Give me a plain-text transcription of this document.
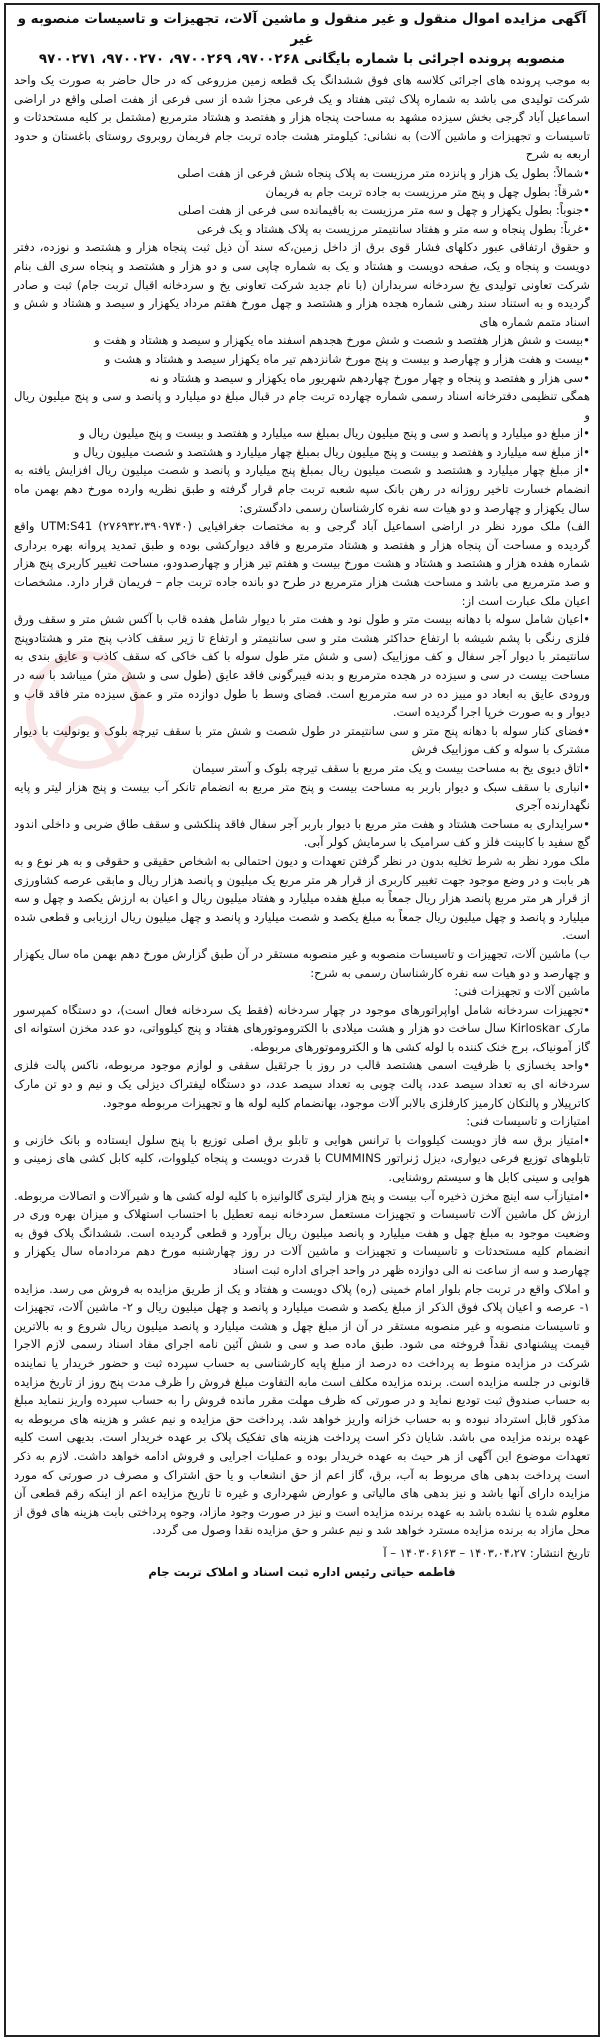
آگهی مزایده اموال منقول و غیر منقول و ماشین آلات، تجهیزات و تاسیسات منصوبه و غیر
منصوبه پرونده اجرائی با شماره بایگانی ۹۷۰۰۲۶۸، ۹۷۰۰۲۶۹، ۹۷۰۰۲۷۰، ۹۷۰۰۲۷۱

به موجب پرونده های اجرائی کلاسه های فوق ششدانگ یک قطعه زمین مزروعی که در حال حاضر به صورت یک واحد شرکت تولیدی می باشد به شماره پلاک ثبتی هفتاد و یک فرعی مجزا شده از سی فرعی از هفت اصلی واقع در اراضی اسماعیل آباد گرجی بخش سیزده مشهد به مساحت پنجاه هزار و هفتصد و هشتاد مترمربع (مشتمل بر کلیه مستحدثات و تاسیسات و تجهیزات و ماشین آلات) به نشانی: کیلومتر هشت جاده تربت جام فریمان روبروی روستای باغستان و حدود اربعه به شرح

•شمالاً: بطول یک هزار و پانزده متر مرزیست به پلاک پنجاه شش فرعی از هفت اصلی

•شرقاً: بطول چهل و پنج متر مرزیست به جاده تربت جام به فریمان

•جنوباً: بطول یکهزار و چهل و سه متر مرزیست به باقیمانده سی فرعی از هفت اصلی

•غرباً: بطول پنجاه و سه متر و هفتاد سانتیمتر مرزیست به پلاک هشتاد و یک فرعی

و حقوق ارتفاقی عبور دکلهای فشار قوی برق از داخل زمین،که سند آن ذیل ثبت پنجاه هزار و هشتصد و نوزده، دفتر دویست و پنجاه و یک، صفحه دویست و هشتاد و یک به شماره چاپی سی و دو هزار و هشتصد و پنجاه سری الف بنام شرکت تعاونی تولیدی یخ سردخانه سربداران (با نام جدید شرکت تعاونی یخ و سردخانه اقبال تربت جام) ثبت و صادر گردیده و به استناد سند رهنی شماره هجده هزار و هشتصد و چهل مورخ هفتم مرداد یکهزار و سیصد و هشتاد و شش و اسناد متمم شماره های

•بیست و شش هزار هفتصد و شصت و شش مورخ هجدهم اسفند ماه یکهزار و سیصد و هشتاد و هفت و

•بیست و هفت هزار و چهارصد و بیست و پنج مورخ شانزدهم تیر ماه یکهزار سیصد و هشتاد و هشت و

•سی هزار و هفتصد و پنجاه و چهار مورخ چهاردهم شهریور ماه یکهزار و سیصد و هشتاد و نه

همگی تنظیمی دفترخانه اسناد رسمی شماره چهارده تربت جام در قبال مبلغ دو میلیارد و پانصد و سی و پنج میلیون ریال و

•از مبلغ دو میلیارد و پانصد و سی و پنج میلیون ریال بمبلغ سه میلیارد و هفتصد و بیست و پنج میلیون ریال و

•از مبلغ سه میلیارد و هفتصد و بیست و پنج میلیون ریال بمبلغ چهار میلیارد و هشتصد و شصت میلیون ریال و

•از مبلغ چهار میلیارد و هشتصد و شصت میلیون ریال بمبلغ پنج میلیارد و پانصد و شصت میلیون ریال افزایش یافته به انضمام خسارت تاخیر روزانه در رهن بانک سپه شعبه تربت جام قرار گرفته و طبق نظریه وارده مورخ دهم بهمن ماه سال یکهزار و چهارصد و دو هیات سه نفره کارشناسان رسمی دادگستری:

الف) ملک مورد نظر در اراضی اسماعیل آباد گرجی و به مختصات جغرافیایی (۲۷۶۹۳۲،۳۹۰۹۷۴۰) UTM:S41 واقع گردیده و مساحت آن پنجاه هزار و هفتصد و هشتاد مترمربع و فاقد دیوارکشی بوده و طبق تمدید پروانه بهره برداری شماره هفده هزار و هشتصد و هشتاد و هشت مورخ بیست و هفتم تیر هزار و چهارصدودو، مساحت تغییر کاربری پنج هزار و صد مترمربع می باشد و مساحت هشت هزار مترمربع در طرح دو بانده جاده تربت جام – فریمان قرار دارد. مشخصات اعیان ملک عبارت است از:

•اعیان شامل سوله با دهانه بیست متر و طول نود و هفت متر با دیوار شامل هفده قاب با آکس شش متر و سقف ورق فلزی رنگی با پشم شیشه با ارتفاع حداکثر هشت متر و سی سانتیمتر و ارتفاع تا زیر سقف کاذب پنج متر و هشتادوپنج سانتیمتر با دیوار آجر سفال و کف موزاییک (سی و شش متر طول سوله با کف خاکی که سقف کاذب و عایق بندی به مساحت بیست در سی و سیزده در هجده مترمربع و بدنه فیبرگونی فاقد عایق (طول سی و شش متر) میباشد با سه در ورودی عایق به ابعاد دو مییز ده در سه مترمربع است. فضای وسط با طول دوازده متر و عمق سیزده متر فاقد قاب و دیوار و به صورت خرپا اجرا گردیده است.

•فضای کنار سوله با دهانه پنج متر و سی سانتیمتر در طول شصت و شش متر با سقف تیرچه بلوک و یونولیت با دیوار مشترک با سوله و کف موزاییک فرش

•اتاق دیوی یخ به مساحت بیست و یک متر مربع با سقف تیرچه بلوک و آستر سیمان

•انباری با سقف سبک و دیوار باربر به مساحت بیست و پنج متر مربع به انضمام تانکر آب بیست و پنج هزار لیتر و پایه نگهدارنده آجری

•سرایداری به مساحت هشتاد و هفت متر مربع با دیوار باربر آجر سفال فاقد پنلکشی و سقف طاق ضربی و داخلی اندود گچ سفید با کابینت فلز و کف سرامیک با سرمایش کولر آبی.

ملک مورد نظر به شرط تخلیه بدون در نظر گرفتن تعهدات و دیون احتمالی به اشخاص حقیقی و حقوقی و به هر نوع و به هر بابت و در وضع موجود جهت تغییر کاربری از قرار هر متر مربع یک میلیون و پانصد هزار ریال و مابقی عرصه کشاورزی از قرار هر متر مربع پانصد هزار ریال جمعاً به مبلغ هفده میلیارد و هفتاد میلیون ریال و اعیان به ارزش یکصد و چهل و سه میلیارد و پانصد و چهل میلیون ریال جمعاً به مبلغ یکصد و شصت میلیارد و پانصد و چهل میلیون ریال ارزیابی و قطعی شده است.

ب) ماشین آلات، تجهیزات و تاسیسات منصوبه و غیر منصوبه مستقر در آن طبق گزارش مورخ دهم بهمن ماه سال یکهزار و چهارصد و دو هیات سه نفره کارشناسان رسمی به شرح:

ماشین آلات و تجهیزات فنی:

•تجهیزات سردخانه شامل اواپراتورهای موجود در چهار سردخانه (فقط یک سردخانه فعال است)، دو دستگاه کمپرسور مارک Kirloskar سال ساخت دو هزار و هشت میلادی با الکتروموتورهای هفتاد و پنج کیلوواتی، دو عدد مخزن استوانه ای گاز آمونیاک، برج خنک کننده با لوله کشی ها و الکتروموتورهای مربوطه.

•واحد یخسازی با ظرفیت اسمی هشتصد قالب در روز با جرثقیل سقفی و لوازم موجود مربوطه، ناکس پالت فلزی سردخانه ای به تعداد سیصد عدد، پالت چوبی به تعداد سیصد عدد، دو دستگاه لیفتراک دیزلی یک و نیم و دو تن مارک کاترپیلار و پالتکان کارمیز کارفلزی بالابر آلات موجود، بهانضمام کلیه لوله ها و تجهیزات مربوطه موجود.

امتیازات و تاسیسات فنی:

•امتیاز برق سه فاز دویست کیلووات با ترانس هوایی و تابلو برق اصلی توزیع با پنج سلول ایستاده و بانک خازنی و تابلوهای توزیع فرعی دیواری، دیزل ژنراتور CUMMINS با قدرت دویست و پنجاه کیلووات، کلیه کابل کشی های زمینی و هوایی و سینی کابل ها و سیستم روشنایی.

•امتیازآب سه اینچ مخزن ذخیره آب بیست و پنج هزار لیتری گالوانیزه با کلیه لوله کشی ها و شیرآلات و اتصالات مربوطه. ارزش کل ماشین آلات تاسیسات و تجهیزات مستعمل سردخانه نیمه تعطیل با احتساب استهلاک و میزان بهره وری در وضعیت موجود به مبلغ چهل و هفت میلیارد و پانصد میلیون ریال برآورد و قطعی گردیده است. ششدانگ پلاک فوق به انضمام کلیه مستحدثات و تاسیسات و تجهیزات و ماشین آلات در روز چهارشنبه مورخ دهم مردادماه سال یکهزار و چهارصد و سه از ساعت نه الی دوازده ظهر در واحد اجرای اداره ثبت اسناد

و املاک واقع در تربت جام بلوار امام خمینی (ره) پلاک دویست و هفتاد و یک از طریق مزایده به فروش می رسد. مزایده ۱- عرصه و اعیان پلاک فوق الذکر از مبلغ یکصد و شصت میلیارد و پانصد و چهل میلیون ریال و ۲- ماشین آلات، تجهیزات و تاسیسات منصوبه و غیر منصوبه مستقر در آن از مبلغ چهل و هشت میلیارد و پانصد میلیون ریال شروع و به بالاترین قیمت پیشنهادی نقداً فروخته می شود. طبق ماده صد و سی و شش آئین نامه اجرای مفاد اسناد رسمی لازم الاجرا شرکت در مزایده منوط به پرداخت ده درصد از مبلغ پایه کارشناسی به حساب سپرده ثبت و حضور خریدار یا نماینده قانونی در جلسه مزایده است. برنده مزایده مکلف است مابه التفاوت مبلغ فروش را ظرف مدت پنج روز از تاریخ مزایده به حساب صندوق ثبت تودیع نماید و در صورتی که ظرف مهلت مقرر مانده فروش را به حساب سپرده واریز ننماید مبلغ مذکور قابل استرداد نبوده و به حساب خزانه واریز خواهد شد. پرداخت حق مزایده و نیم عشر و هزینه های مربوطه به عهده برنده مزایده می باشد. شایان ذکر است پرداخت هزینه های تفکیک پلاک بر عهده خریدار است. بدیهی است کلیه تعهدات موضوع این آگهی از هر حیث به عهده خریدار بوده و عملیات اجرایی و فروش ادامه خواهد داشت. لازم به ذکر است پرداخت بدهی های مربوط به آب، برق، گاز اعم از حق انشعاب و یا حق اشتراک و مصرف در صورتی که مورد مزایده دارای آنها باشد و نیز بدهی های مالیاتی و عوارض شهرداری و غیره تا تاریخ مزایده اعم از اینکه رقم قطعی آن معلوم شده یا نشده باشد به عهده برنده مزایده است و نیز در صورت وجود مازاد، وجوه پرداختی بابت هزینه های فوق از محل مازاد به برنده مزایده مسترد خواهد شد و نیم عشر و حق مزایده نقدا وصول می گردد.

تاریخ انتشار: ۱۴۰۳،۰۴،۲۷ – ۱۴۰۳۰۶۱۶۳ – آ

فاطمه حیاتی رئیس اداره ثبت اسناد و املاک تربت جام
